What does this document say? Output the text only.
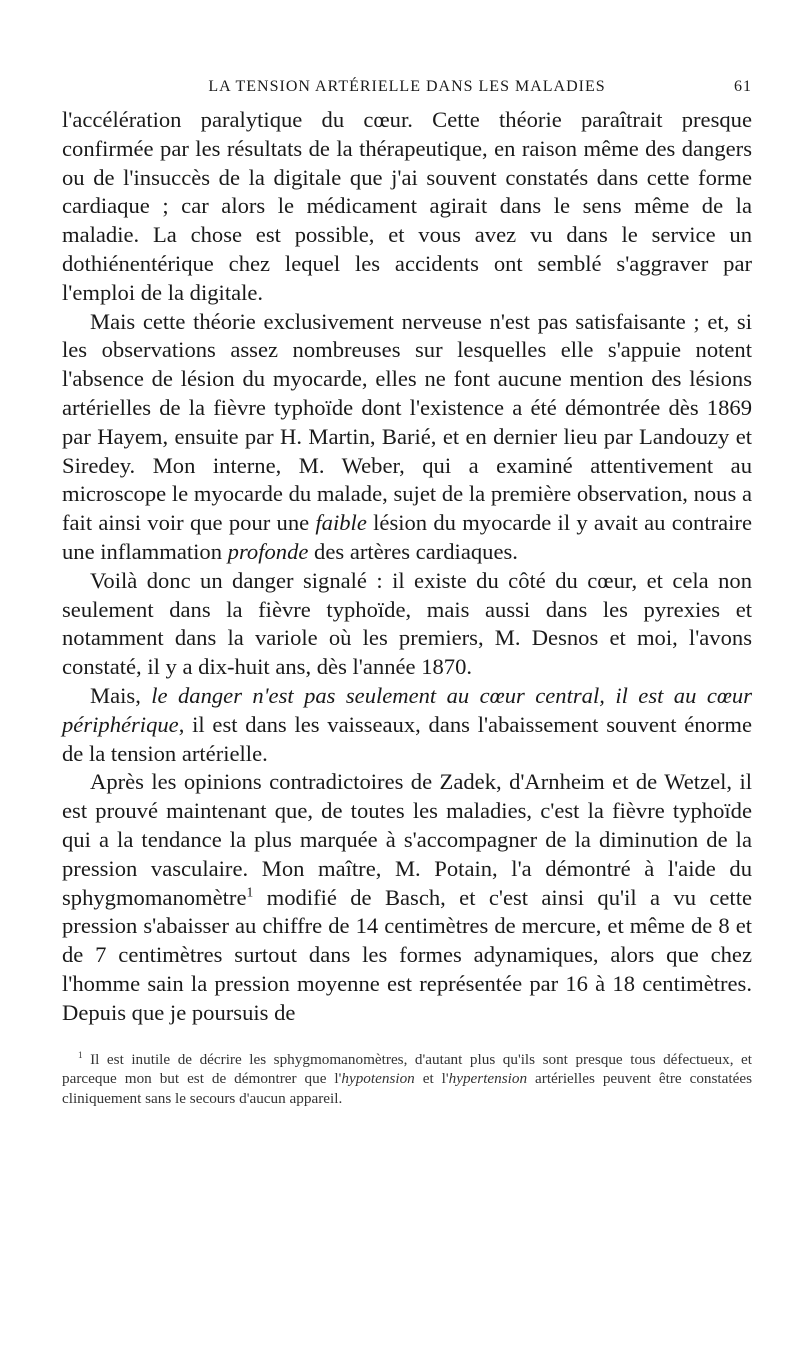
LA TENSION ARTÉRIELLE DANS LES MALADIES	61

l'accélération paralytique du cœur. Cette théorie paraîtrait presque confirmée par les résultats de la thérapeutique, en raison même des dangers ou de l'insuccès de la digitale que j'ai souvent constatés dans cette forme cardiaque ; car alors le médicament agirait dans le sens même de la maladie. La chose est possible, et vous avez vu dans le service un dothiénentérique chez lequel les accidents ont semblé s'aggraver par l'emploi de la digitale.

Mais cette théorie exclusivement nerveuse n'est pas satisfaisante ; et, si les observations assez nombreuses sur lesquelles elle s'appuie notent l'absence de lésion du myocarde, elles ne font aucune mention des lésions artérielles de la fièvre typhoïde dont l'existence a été démontrée dès 1869 par Hayem, ensuite par H. Martin, Barié, et en dernier lieu par Landouzy et Siredey. Mon interne, M. Weber, qui a examiné attentivement au microscope le myocarde du malade, sujet de la première observation, nous a fait ainsi voir que pour une faible lésion du myocarde il y avait au contraire une inflammation profonde des artères cardiaques.

Voilà donc un danger signalé : il existe du côté du cœur, et cela non seulement dans la fièvre typhoïde, mais aussi dans les pyrexies et notamment dans la variole où les premiers, M. Desnos et moi, l'avons constaté, il y a dix-huit ans, dès l'année 1870.

Mais, le danger n'est pas seulement au cœur central, il est au cœur périphérique, il est dans les vaisseaux, dans l'abaissement souvent énorme de la tension artérielle.

Après les opinions contradictoires de Zadek, d'Arnheim et de Wetzel, il est prouvé maintenant que, de toutes les maladies, c'est la fièvre typhoïde qui a la tendance la plus marquée à s'accompagner de la diminution de la pression vasculaire. Mon maître, M. Potain, l'a démontré à l'aide du sphygmomanomètre$^1$ modifié de Basch, et c'est ainsi qu'il a vu cette pression s'abaisser au chiffre de 14 centimètres de mercure, et même de 8 et de 7 centimètres surtout dans les formes adynamiques, alors que chez l'homme sain la pression moyenne est représentée par 16 à 18 centimètres. Depuis que je poursuis de

$^1$ Il est inutile de décrire les sphygmomanomètres, d'autant plus qu'ils sont presque tous défectueux, et parceque mon but est de démontrer que l'hypotension et l'hypertension artérielles peuvent être constatées cliniquement sans le secours d'aucun appareil.
